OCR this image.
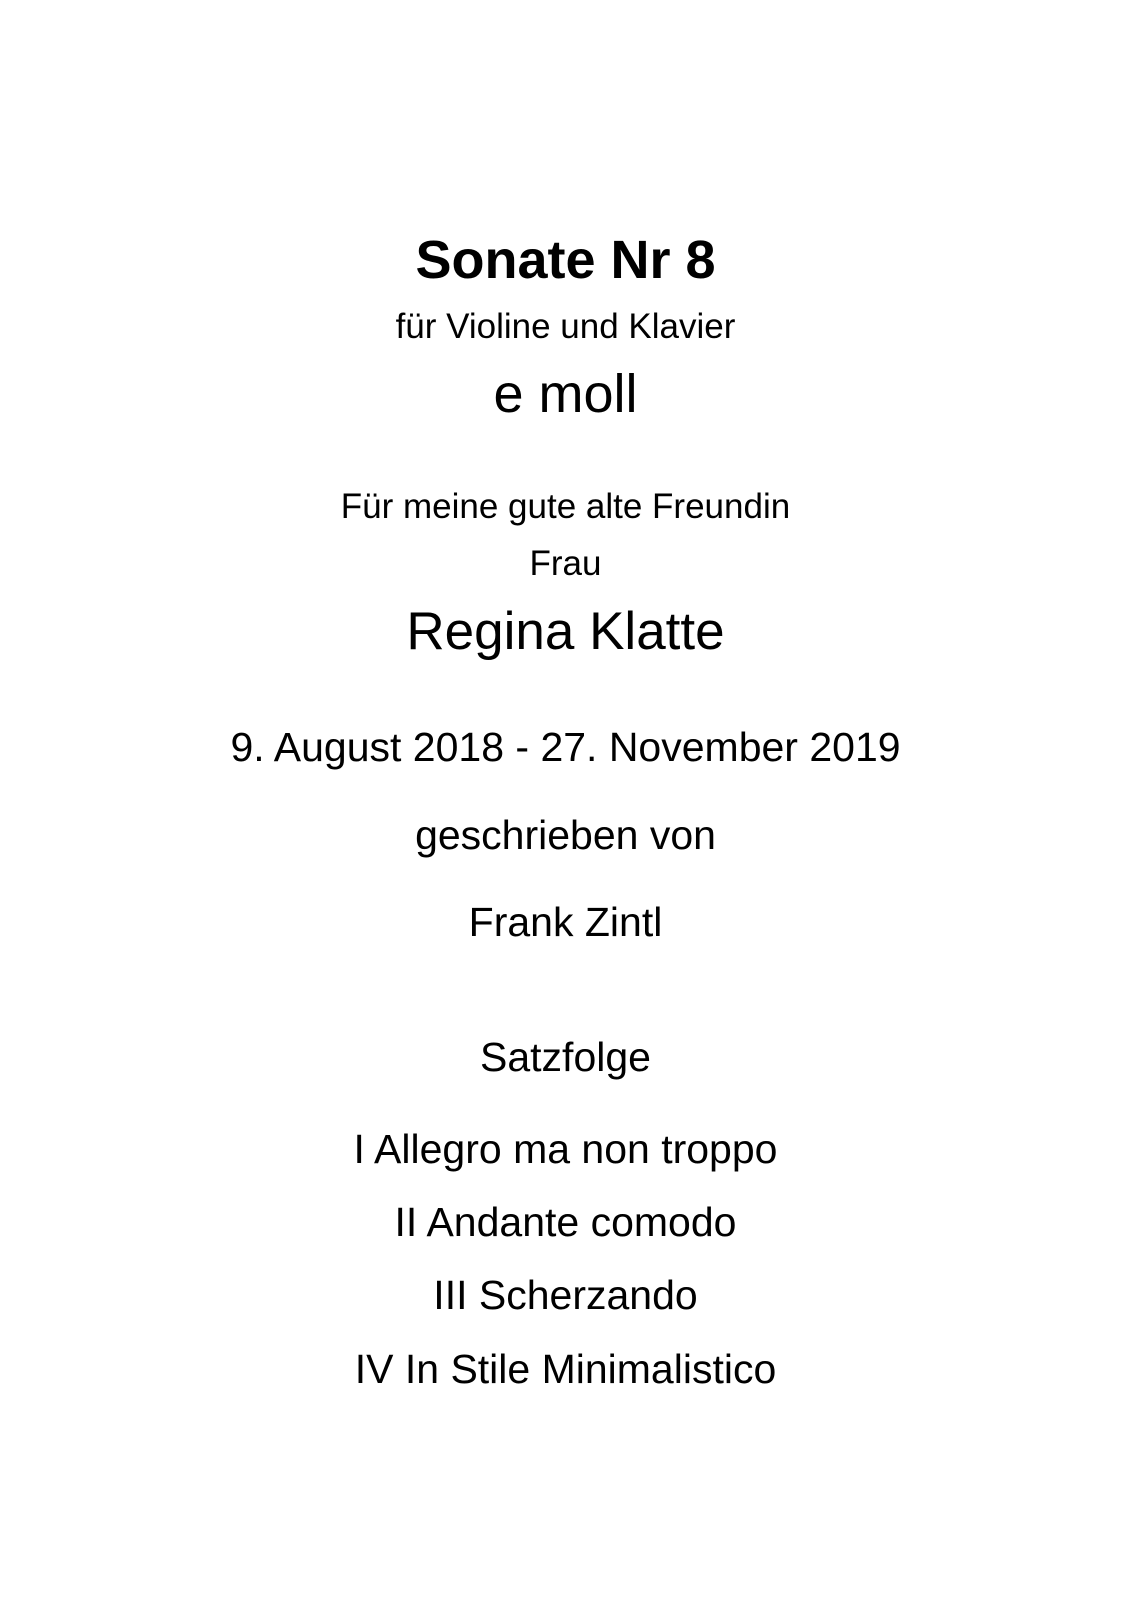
Sonate Nr 8
für Violine und Klavier
e moll
Für meine gute alte Freundin
Frau
Regina Klatte
9. August 2018 - 27. November 2019
geschrieben von
Frank Zintl
Satzfolge
I Allegro ma non troppo
II Andante comodo
III Scherzando
IV In Stile Minimalistico
